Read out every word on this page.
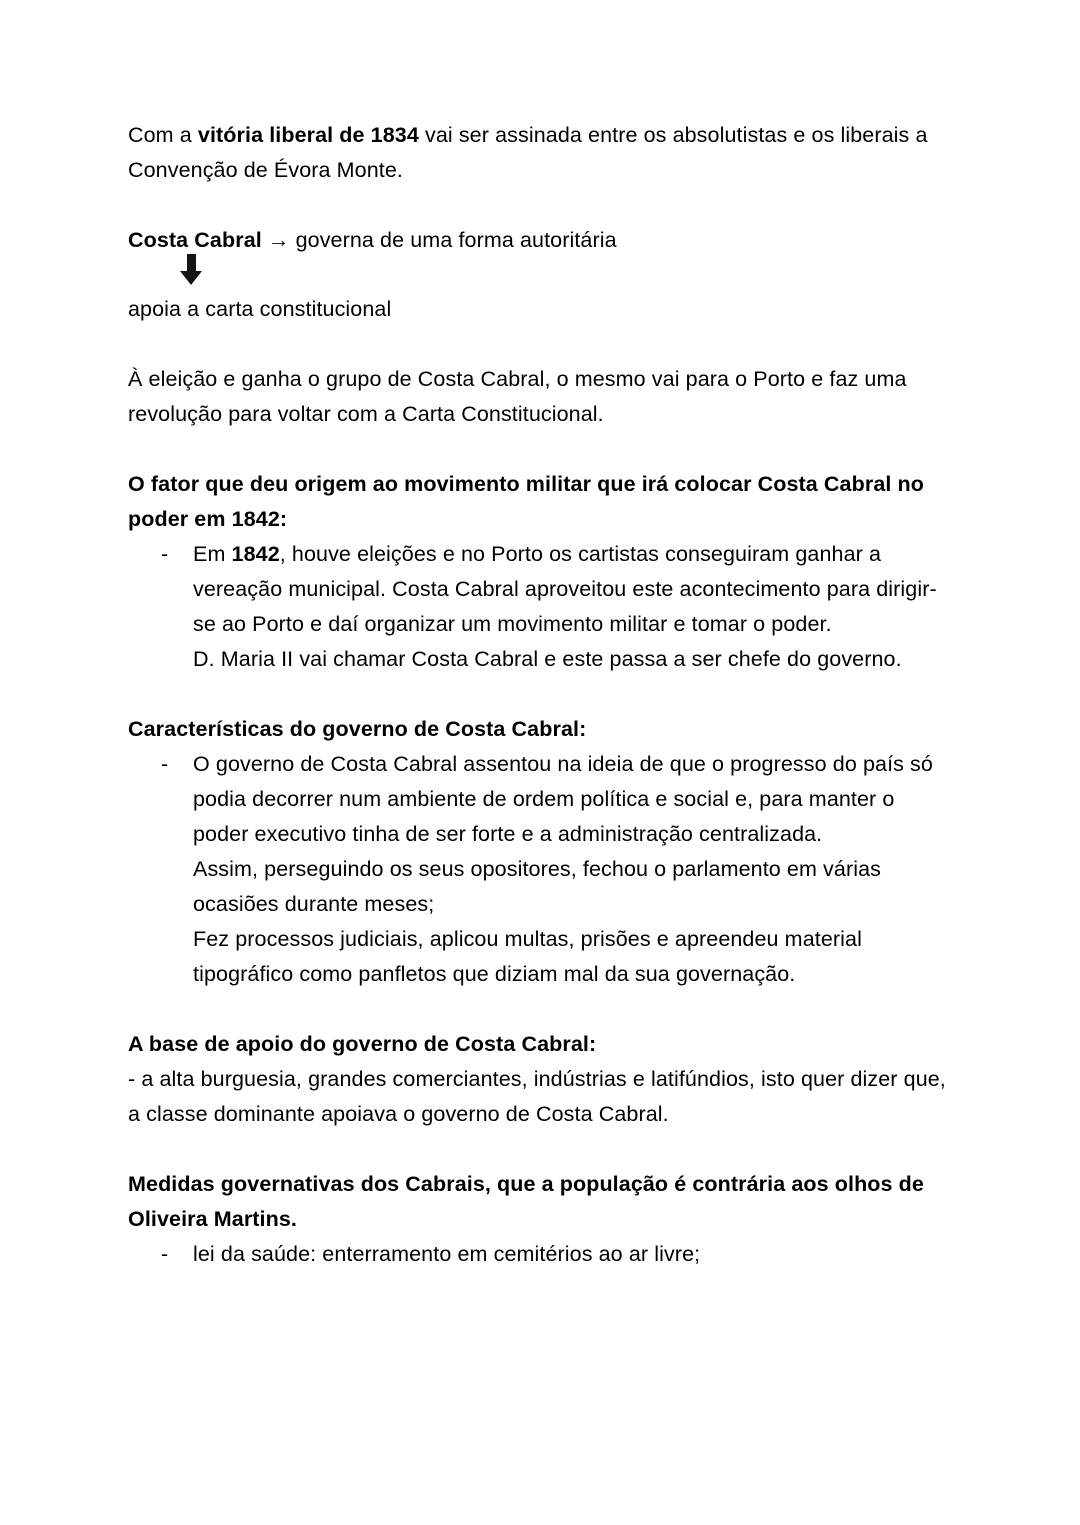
Com a vitória liberal de 1834 vai ser assinada entre os absolutistas e os liberais a Convenção de Évora Monte.

Costa Cabral → governa de uma forma autoritária

apoia a carta constitucional

À eleição e ganha o grupo de Costa Cabral, o mesmo vai para o Porto e faz uma revolução para voltar com a Carta Constitucional.

O fator que deu origem ao movimento militar que irá colocar Costa Cabral no poder em 1842:

- Em 1842, houve eleições e no Porto os cartistas conseguiram ganhar a vereação municipal. Costa Cabral aproveitou este acontecimento para dirigir-se ao Porto e daí organizar um movimento militar e tomar o poder.
D. Maria II vai chamar Costa Cabral e este passa a ser chefe do governo.

Características do governo de Costa Cabral:

- O governo de Costa Cabral assentou na ideia de que o progresso do país só podia decorrer num ambiente de ordem política e social e, para manter o poder executivo tinha de ser forte e a administração centralizada.
Assim, perseguindo os seus opositores, fechou o parlamento em várias ocasiões durante meses;
Fez processos judiciais, aplicou multas, prisões e apreendeu material tipográfico como panfletos que diziam mal da sua governação.

A base de apoio do governo de Costa Cabral:

- a alta burguesia, grandes comerciantes, indústrias e latifúndios, isto quer dizer que, a classe dominante apoiava o governo de Costa Cabral.

Medidas governativas dos Cabrais, que a população é contrária aos olhos de Oliveira Martins.

- lei da saúde: enterramento em cemitérios ao ar livre;
